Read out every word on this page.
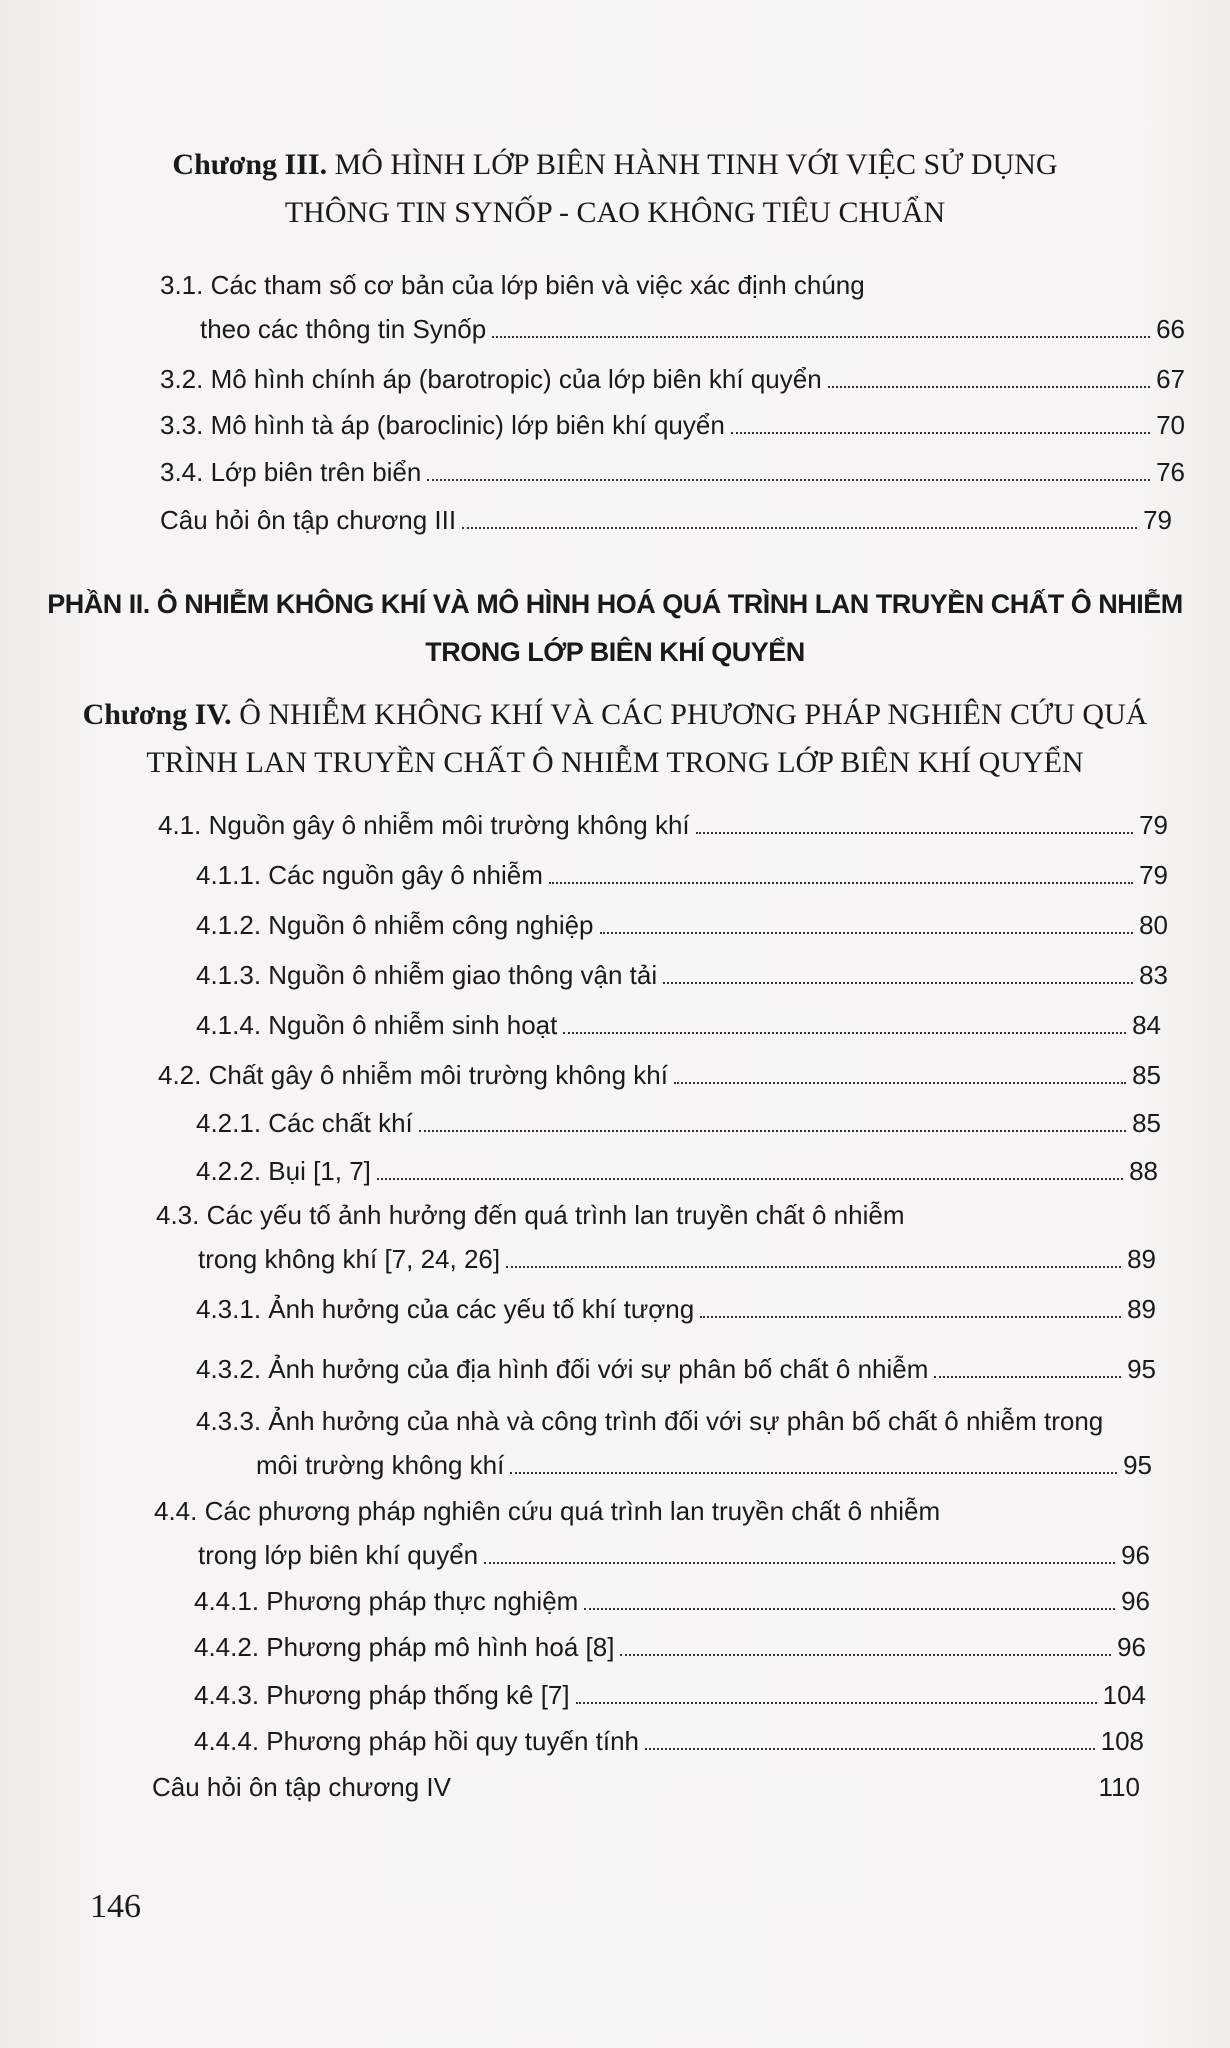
Chương III. MÔ HÌNH LỚP BIÊN HÀNH TINH VỚI VIỆC SỬ DỤNG
THÔNG TIN SYNỐP - CAO KHÔNG TIÊU CHUẨN
3.1. Các tham số cơ bản của lớp biên và việc xác định chúng
theo các thông tin Synốp	66
3.2. Mô hình chính áp (barotropic) của lớp biên khí quyển	67
3.3. Mô hình tà áp (baroclinic) lớp biên khí quyển	70
3.4. Lớp biên trên biển	76
Câu hỏi ôn tập chương III	79
PHẦN II. Ô NHIỄM KHÔNG KHÍ VÀ MÔ HÌNH HOÁ QUÁ TRÌNH LAN TRUYỀN CHẤT Ô NHIỄM
TRONG LỚP BIÊN KHÍ QUYỂN
Chương IV. Ô NHIỄM KHÔNG KHÍ VÀ CÁC PHƯƠNG PHÁP NGHIÊN CỨU QUÁ
TRÌNH LAN TRUYỀN CHẤT Ô NHIỄM TRONG LỚP BIÊN KHÍ QUYỂN
4.1. Nguồn gây ô nhiễm môi trường không khí	79
4.1.1. Các nguồn gây ô nhiễm	79
4.1.2. Nguồn ô nhiễm công nghiệp	80
4.1.3. Nguồn ô nhiễm giao thông vận tải	83
4.1.4. Nguồn ô nhiễm sinh hoạt	84
4.2. Chất gây ô nhiễm môi trường không khí	85
4.2.1. Các chất khí	85
4.2.2. Bụi [1, 7]	88
4.3. Các yếu tố ảnh hưởng đến quá trình lan truyền chất ô nhiễm
trong không khí [7, 24, 26]	89
4.3.1. Ảnh hưởng của các yếu tố khí tượng	89
4.3.2. Ảnh hưởng của địa hình đối với sự phân bố chất ô nhiễm	95
4.3.3. Ảnh hưởng của nhà và công trình đối với sự phân bố chất ô nhiễm trong
môi trường không khí	95
4.4. Các phương pháp nghiên cứu quá trình lan truyền chất ô nhiễm
trong lớp biên khí quyển	96
4.4.1. Phương pháp thực nghiệm	96
4.4.2. Phương pháp mô hình hoá [8]	96
4.4.3. Phương pháp thống kê [7]	104
4.4.4. Phương pháp hồi quy tuyến tính	108
Câu hỏi ôn tập chương IV	110
146
